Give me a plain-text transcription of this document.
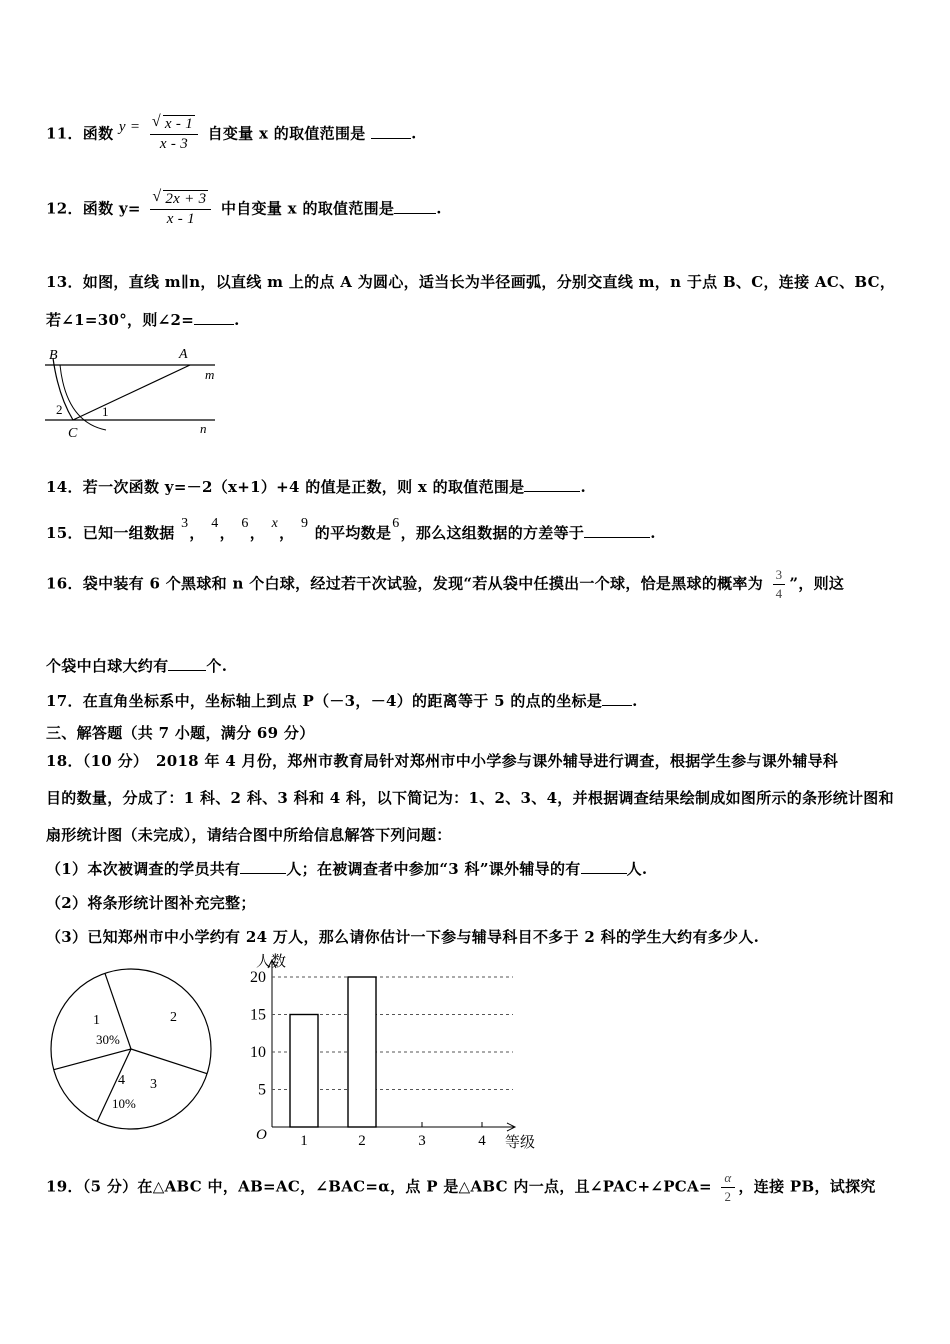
11．函数 y = √ $\frac{x - 1}{x - 3}$ 自变量 x 的取值范围是	.
12．函数 y= √ $\frac{2x + 3}{x - 1}$ 中自变量 x 的取值范围是	.
13．如图，直线 m∥n，以直线 m 上的点 A 为圆心，适当长为半径画弧，分别交直线 m，n 于点 B、C，连接 AC、BC，
若∠1=30°，则∠2=	.
B	A
m
n
C
1
2
14．若一次函数 y=－2（x+1）+4 的值是正数，则 x 的取值范围是	.
15．已知一组数据 3， 4， 6， x， 9 的平均数是6，那么这组数据的方差等于	.
16．袋中装有 6 个黑球和 n 个白球，经过若干次试验，发现“若从袋中任摸出一个球，恰是黑球的概率为 $\frac{3}{4}$ ”，则这
个袋中白球大约有	个.
17．在直角坐标系中，坐标轴上到点 P（－3，－4）的距离等于 5 的点的坐标是 .
三、解答题（共 7 小题，满分 69 分）
18．（10 分）　2018 年 4 月份，郑州市教育局针对郑州市中小学参与课外辅导进行调查，根据学生参与课外辅导科
目的数量，分成了：1 科、2 科、3 科和 4 科，以下简记为：1、2、3、4，并根据调查结果绘制成如图所示的条形统计图和
扇形统计图（未完成），请结合图中所给信息解答下列问题：
（1）本次被调查的学员共有	人；在被调查者中参加“3 科”课外辅导的有	人.
（2）将条形统计图补充完整；
（3）已知郑州市中小学约有 24 万人，那么请你估计一下参与辅导科目不多于 2 科的学生大约有多少人.
1
30%
2
3
4
10%
人数
等级
O
5
10
15
20
1	2	3	4
19．（5 分）在△ABC 中，AB=AC，∠BAC=α，点 P 是△ABC 内一点，且∠PAC+∠PCA= $\frac{\alpha}{2}$ ，连接 PB，试探究
